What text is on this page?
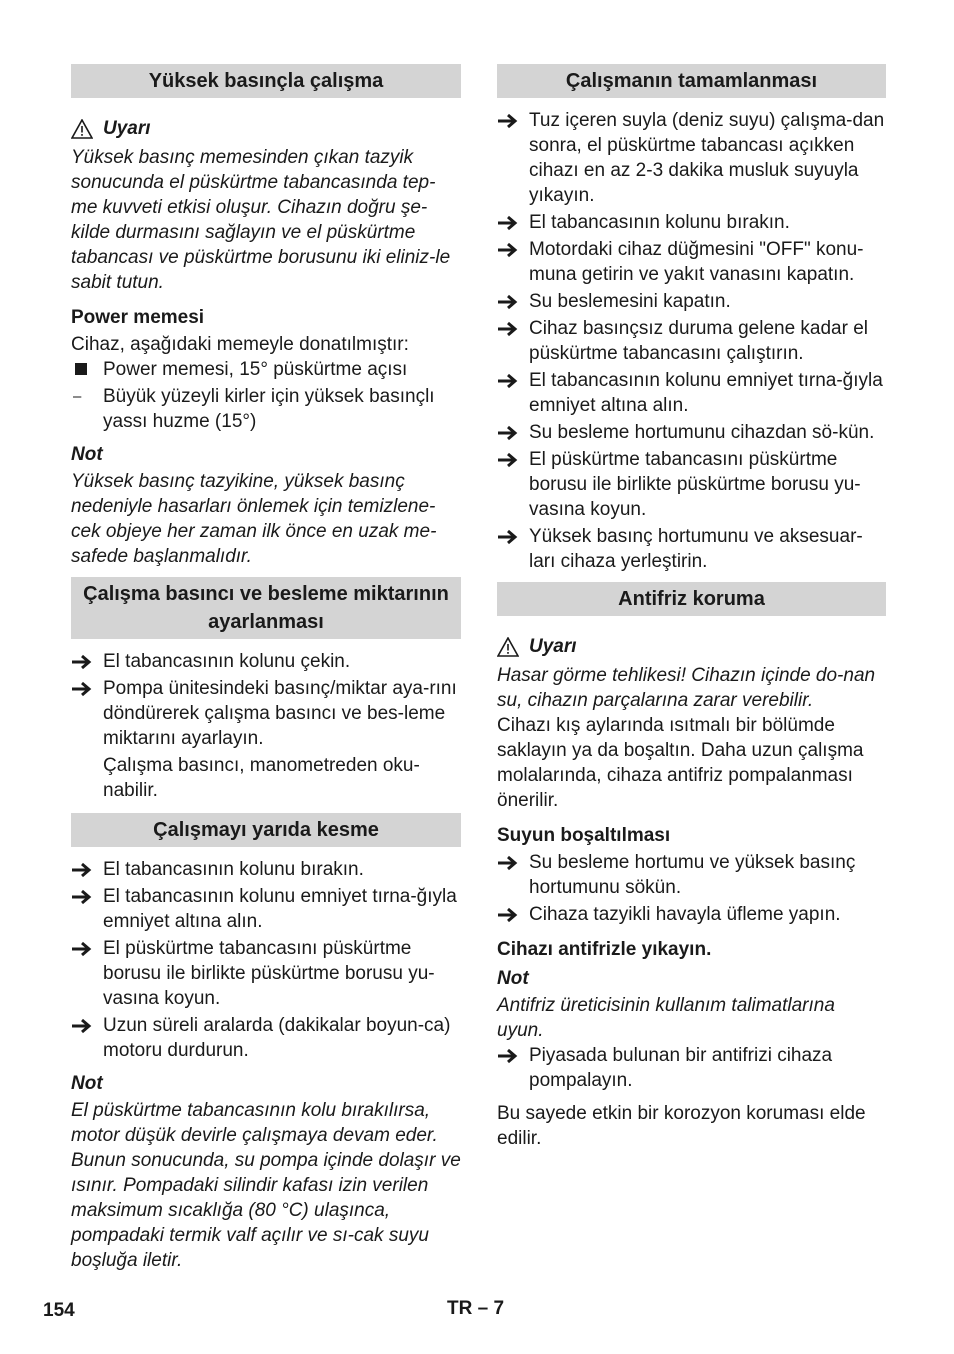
Yüksek basınçla çalışma
Uyarı
Yüksek basınç memesinden çıkan tazyik sonucunda el püskürtme tabancasında tep-me kuvveti etkisi oluşur. Cihazın doğru şe-kilde durmasını sağlayın ve el püskürtme tabancası ve püskürtme borusunu iki eliniz-le sabit tutun.
Power memesi
Cihaz, aşağıdaki memeyle donatılmıştır:
Power memesi, 15° püskürtme açısı
–	Büyük yüzeyli kirler için yüksek basınçlı yassı huzme (15°)
Not
Yüksek basınç tazyikine, yüksek basınç nedeniyle hasarları önlemek için temizlene-cek objeye her zaman ilk önce en uzak me-safede başlanmalıdır.
Çalışma basıncı ve besleme miktarının ayarlanması
El tabancasının kolunu çekin.
Pompa ünitesindeki basınç/miktar aya-rını döndürerek çalışma basıncı ve bes-leme miktarını ayarlayın.
Çalışma basıncı, manometreden oku-nabilir.
Çalışmayı yarıda kesme
El tabancasının kolunu bırakın.
El tabancasının kolunu emniyet tırna-ğıyla emniyet altına alın.
El püskürtme tabancasını püskürtme borusu ile birlikte püskürtme borusu yu-vasına koyun.
Uzun süreli aralarda (dakikalar boyun-ca) motoru durdurun.
Not
El püskürtme tabancasının kolu bırakılırsa, motor düşük devirle çalışmaya devam eder. Bunun sonucunda, su pompa içinde dolaşır ve ısınır. Pompadaki silindir kafası izin verilen maksimum sıcaklığa (80 °C) ulaşınca, pompadaki termik valf açılır ve sı-cak suyu boşluğa iletir.
Çalışmanın tamamlanması
Tuz içeren suyla (deniz suyu) çalışma-dan sonra, el püskürtme tabancası açıkken cihazı en az 2-3 dakika musluk suyuyla yıkayın.
El tabancasının kolunu bırakın.
Motordaki cihaz düğmesini "OFF" konu-muna getirin ve yakıt vanasını kapatın.
Su beslemesini kapatın.
Cihaz basınçsız duruma gelene kadar el püskürtme tabancasını çalıştırın.
El tabancasının kolunu emniyet tırna-ğıyla emniyet altına alın.
Su besleme hortumunu cihazdan sö-kün.
El püskürtme tabancasını püskürtme borusu ile birlikte püskürtme borusu yu-vasına koyun.
Yüksek basınç hortumunu ve aksesuar-ları cihaza yerleştirin.
Antifriz koruma
Uyarı
Hasar görme tehlikesi! Cihazın içinde do-nan su, cihazın parçalarına zarar verebilir.
Cihazı kış aylarında ısıtmalı bir bölümde saklayın ya da boşaltın. Daha uzun çalışma molalarında, cihaza antifriz pompalanması önerilir.
Suyun boşaltılması
Su besleme hortumu ve yüksek basınç hortumunu sökün.
Cihaza tazyikli havayla üfleme yapın.
Cihazı antifrizle yıkayın.
Not
Antifriz üreticisinin kullanım talimatlarına uyun.
Piyasada bulunan bir antifrizi cihaza pompalayın.
Bu sayede etkin bir korozyon koruması elde edilir.
154	TR – 7
